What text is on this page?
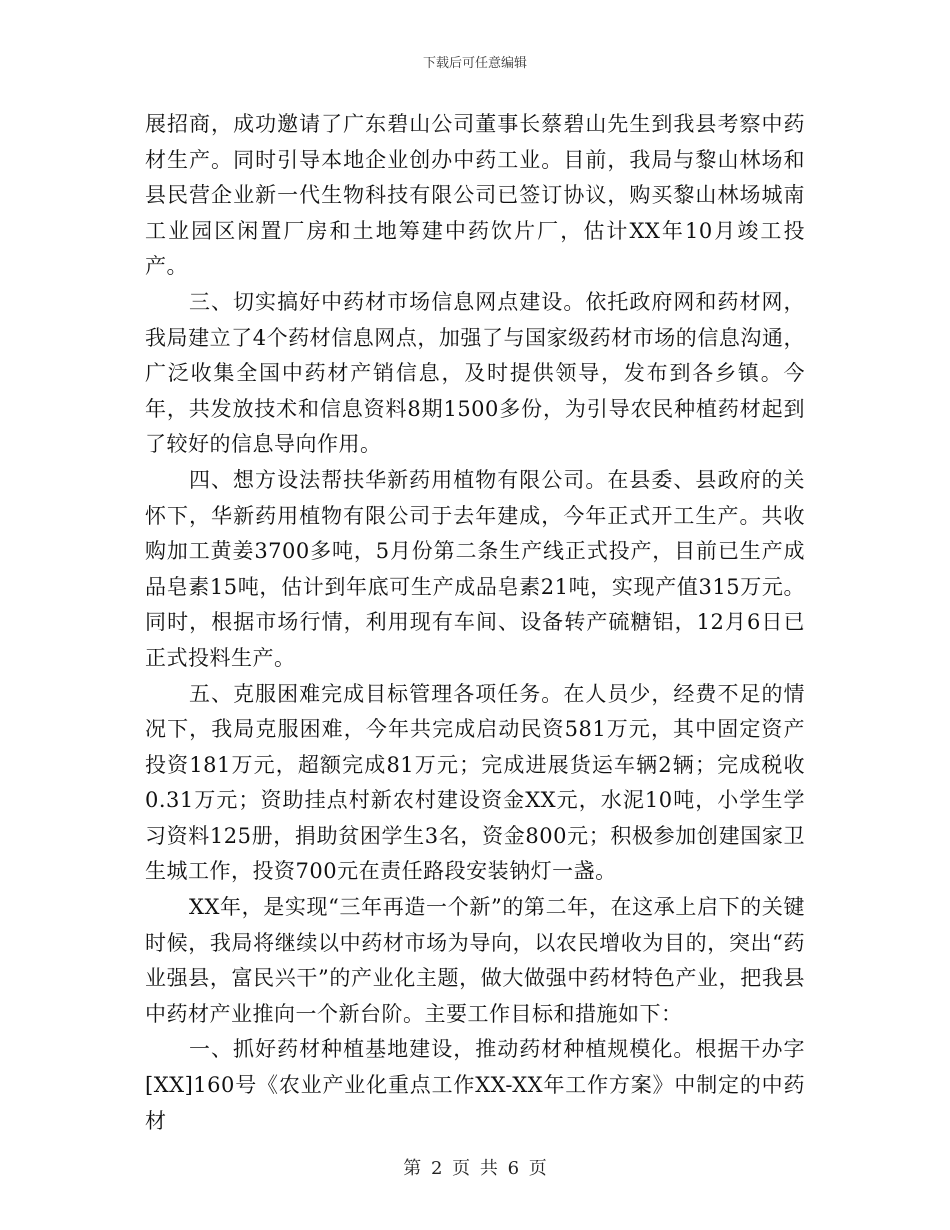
下载后可任意编辑

展招商，成功邀请了广东碧山公司董事长蔡碧山先生到我县考察中药材生产。同时引导本地企业创办中药工业。目前，我局与黎山林场和县民营企业新一代生物科技有限公司已签订协议，购买黎山林场城南工业园区闲置厂房和土地筹建中药饮片厂，估计XX年10月竣工投产。

三、切实搞好中药材市场信息网点建设。依托政府网和药材网，我局建立了4个药材信息网点，加强了与国家级药材市场的信息沟通，广泛收集全国中药材产销信息，及时提供领导，发布到各乡镇。今年，共发放技术和信息资料8期1500多份，为引导农民种植药材起到了较好的信息导向作用。

四、想方设法帮扶华新药用植物有限公司。在县委、县政府的关怀下，华新药用植物有限公司于去年建成，今年正式开工生产。共收购加工黄姜3700多吨，5月份第二条生产线正式投产，目前已生产成品皂素15吨，估计到年底可生产成品皂素21吨，实现产值315万元。同时，根据市场行情，利用现有车间、设备转产硫糖铝，12月6日已正式投料生产。

五、克服困难完成目标管理各项任务。在人员少，经费不足的情况下，我局克服困难，今年共完成启动民资581万元，其中固定资产投资181万元，超额完成81万元；完成进展货运车辆2辆；完成税收0.31万元；资助挂点村新农村建设资金XX元，水泥10吨，小学生学习资料125册，捐助贫困学生3名，资金800元；积极参加创建国家卫生城工作，投资700元在责任路段安装钠灯一盏。

XX年，是实现“三年再造一个新”的第二年，在这承上启下的关键时候，我局将继续以中药材市场为导向，以农民增收为目的，突出“药业强县，富民兴干”的产业化主题，做大做强中药材特色产业，把我县中药材产业推向一个新台阶。主要工作目标和措施如下：

一、抓好药材种植基地建设，推动药材种植规模化。根据干办字[XX]160号《农业产业化重点工作XX-XX年工作方案》中制定的中药材

第 2 页 共 6 页
